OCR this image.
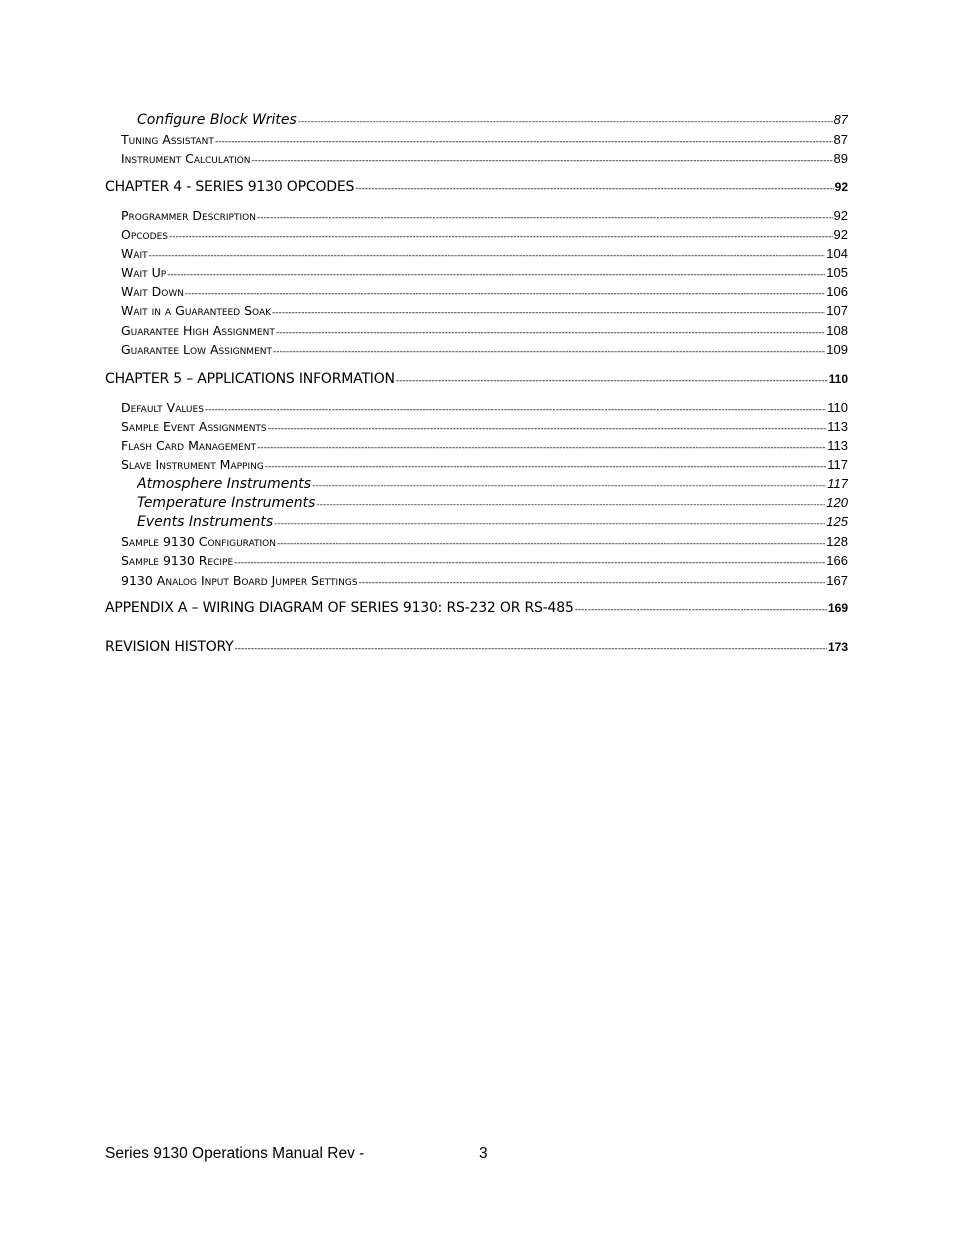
Configure Block Writes -----	87
Tuning Assistant -----	87
Instrument Calculation -----	89
CHAPTER 4 - SERIES 9130 OPCODES -----	92
Programmer Description -----	92
Opcodes -----	92
Wait -----	104
Wait Up -----	105
Wait Down -----	106
Wait in a Guaranteed Soak -----	107
Guarantee High Assignment -----	108
Guarantee Low Assignment -----	109
CHAPTER 5 – APPLICATIONS INFORMATION -----	110
Default Values -----	110
Sample Event Assignments -----	113
Flash Card Management -----	113
Slave Instrument Mapping -----	117
Atmosphere Instruments -----	117
Temperature Instruments -----	120
Events Instruments -----	125
Sample 9130 Configuration -----	128
Sample 9130 Recipe -----	166
9130 Analog Input Board Jumper Settings -----	167
APPENDIX A – WIRING DIAGRAM OF SERIES 9130: RS-232 OR RS-485 -----	169
REVISION HISTORY -----	173
Series 9130 Operations Manual Rev -	3
